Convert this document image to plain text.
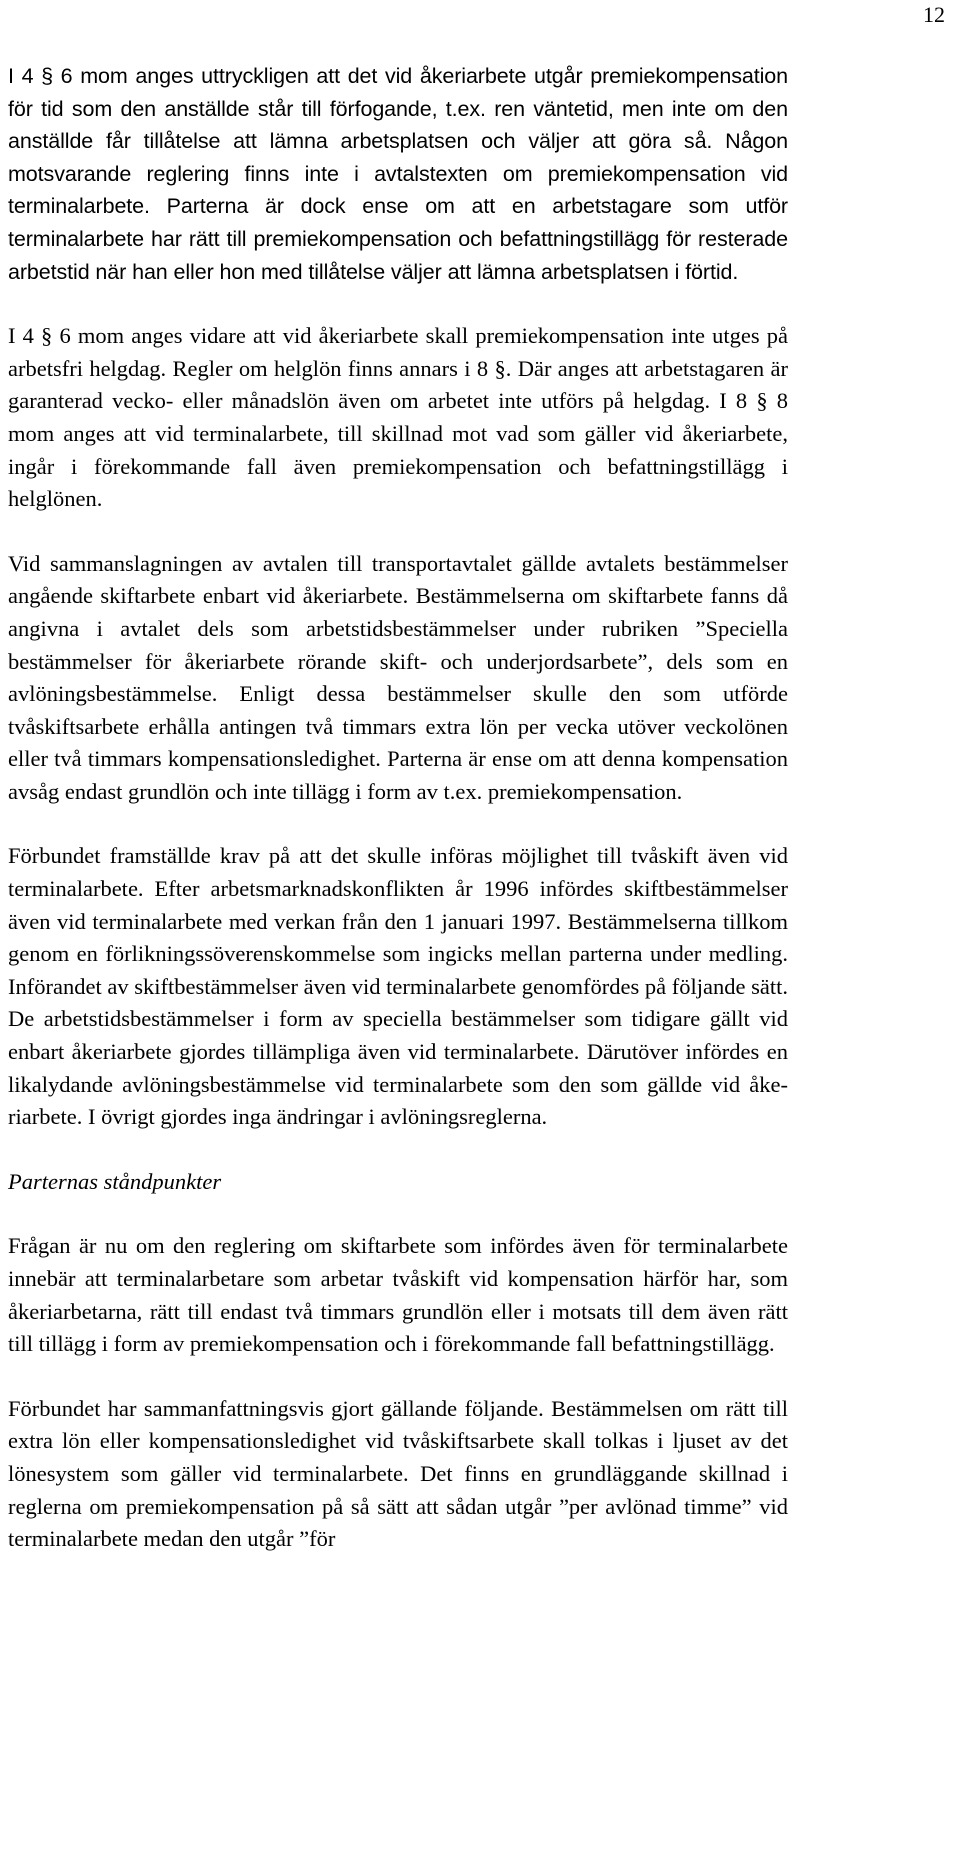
12

I 4 § 6 mom anges uttryckligen att det vid åkeriarbete utgår premiekompensation för tid som den anställde står till förfogande, t.ex. ren väntetid, men inte om den anställde får tillåtelse att lämna arbetsplatsen och väljer att göra så. Någon motsvarande reglering finns inte i avtalstexten om premiekompensation vid terminalarbete. Parterna är dock ense om att en arbetstagare som utför terminalarbete har rätt till premiekompensation och befattningstillägg för resterade arbetstid när han eller hon med tillåtelse väljer att lämna arbetsplatsen i förtid.

I 4 § 6 mom anges vidare att vid åkeriarbete skall premiekompensation inte utges på arbetsfri helgdag. Regler om helglön finns annars i 8 §. Där anges att arbetstagaren är garanterad vecko- eller månadslön även om arbetet inte utförs på helgdag. I 8 § 8 mom anges att vid terminalarbete, till skillnad mot vad som gäller vid åkeriarbete, ingår i förekommande fall även premiekompensation och befattningstillägg i helglönen.

Vid sammanslagningen av avtalen till transportavtalet gällde avtalets bestämmelser angående skiftarbete enbart vid åkeriarbete. Bestämmelserna om skiftarbete fanns då angivna i avtalet dels som arbetstidsbestämmelser under rubriken ”Speciella bestämmelser för åkeriarbete rörande skift- och underjordsarbete”, dels som en avlöningsbestämmelse. Enligt dessa bestämmelser skulle den som utförde tvåskiftsarbete erhålla antingen två timmars extra lön per vecka utöver veckolönen eller två timmars kompensationsledighet. Parterna är ense om att denna kompensation avsåg endast grundlön och inte tillägg i form av t.ex. premiekompensation.

Förbundet framställde krav på att det skulle införas möjlighet till tvåskift även vid terminalarbete. Efter arbetsmarknadskonflikten år 1996 infördes skiftbestämmelser även vid terminalarbete med verkan från den 1 januari 1997. Bestämmelserna tillkom genom en förlikningssöverenskommelse som ingicks mellan parterna under medling. Införandet av skiftbestämmelser även vid terminalarbete genomfördes på följande sätt. De arbetstidsbestämmelser i form av speciella bestämmelser som tidigare gällt vid enbart åkeriarbete gjordes tillämpliga även vid terminalarbete. Därutöver infördes en likalydande avlöningsbestämmelse vid terminalarbete som den som gällde vid åkeriarbete. I övrigt gjordes inga ändringar i avlöningsreglerna.

Parternas ståndpunkter

Frågan är nu om den reglering om skiftarbete som infördes även för terminalarbete innebär att terminalarbetare som arbetar tvåskift vid kompensation härför har, som åkeriarbetarna, rätt till endast två timmars grundlön eller i motsats till dem även rätt till tillägg i form av premiekompensation och i förekommande fall befattningstillägg.

Förbundet har sammanfattningsvis gjort gällande följande. Bestämmelsen om rätt till extra lön eller kompensationsledighet vid tvåskiftsarbete skall tolkas i ljuset av det lönesystem som gäller vid terminalarbete. Det finns en grundläggande skillnad i reglerna om premiekompensation på så sätt att sådan utgår ”per avlönad timme” vid terminalarbete medan den utgår ”för
